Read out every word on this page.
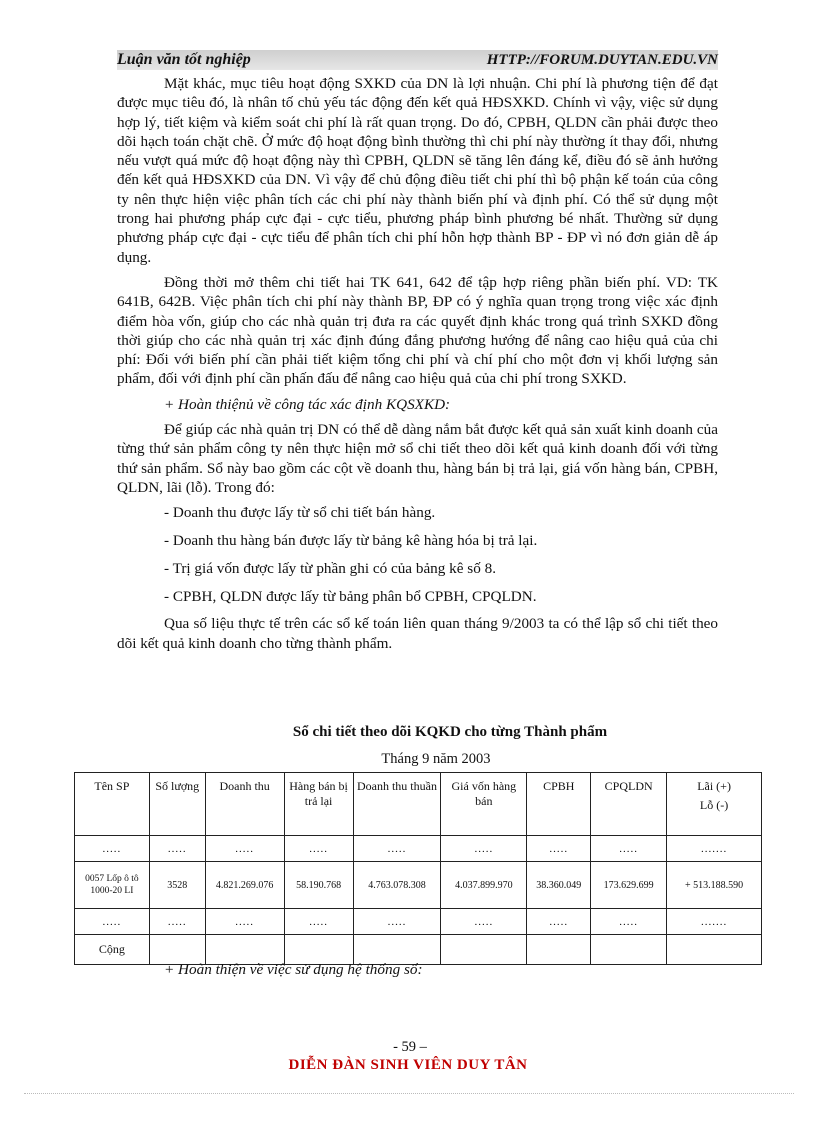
Luận văn tốt nghiệp	HTTP://FORUM.DUYTAN.EDU.VN

Mặt khác, mục tiêu hoạt động SXKD của DN là lợi nhuận. Chi phí là phương tiện để đạt được mục tiêu đó, là nhân tố chủ yếu tác động đến kết quả HĐSXKD. Chính vì vậy, việc sử dụng hợp lý, tiết kiệm và kiểm soát chi phí là rất quan trọng. Do đó, CPBH, QLDN cần phải được theo dõi hạch toán chặt chẽ. Ở mức độ hoạt động bình thường thì chi phí này thường ít thay đổi, nhưng nếu vượt quá mức độ hoạt động này thì CPBH, QLDN sẽ tăng lên đáng kể, điều đó sẽ ảnh hưởng đến kết quả HĐSXKD của DN. Vì vậy để chủ động điều tiết chi phí thì bộ phận kế toán của công ty nên thực hiện việc phân tích các chi phí này thành biến phí và định phí. Có thể sử dụng một trong hai phương pháp cực đại - cực tiểu, phương pháp bình phương bé nhất. Thường sử dụng phương pháp cực đại - cực tiểu để phân tích chi phí hỗn hợp thành BP - ĐP vì nó đơn giản dễ áp dụng.

Đồng thời mở thêm chi tiết hai TK 641, 642 để tập hợp riêng phần biến phí. VD: TK 641B, 642B. Việc phân tích chi phí này thành BP, ĐP có ý nghĩa quan trọng trong việc xác định điểm hòa vốn, giúp cho các nhà quản trị đưa ra các quyết định khác trong quá trình SXKD đồng thời giúp cho các nhà quản trị xác định đúng đắng phương hướng để nâng cao hiệu quả của chi phí: Đối với biến phí cần phải tiết kiệm tổng chi phí và chí phí cho một đơn vị khối lượng sản phẩm, đối với định phí cần phấn đấu để nâng cao hiệu quả của chi phí trong SXKD.

+ Hoàn thiệnủ về công tác xác định KQSXKD:

Để giúp các nhà quản trị DN có thể dễ dàng nắm bắt được kết quả sản xuất kinh doanh của từng thứ sản phẩm công ty nên thực hiện mở sổ chi tiết theo dõi kết quả kinh doanh đối với từng thứ sản phẩm. Sổ này bao gồm các cột về doanh thu, hàng bán bị trả lại, giá vốn hàng bán, CPBH, QLDN, lãi (lỗ). Trong đó:

- Doanh thu được lấy từ sổ chi tiết bán hàng.

- Doanh thu hàng bán được lấy từ bảng kê hàng hóa bị trả lại.

- Trị giá vốn được lấy từ phần ghi có của bảng kê số 8.

- CPBH, QLDN được lấy từ bảng phân bổ CPBH, CPQLDN.

Qua số liệu thực tế trên các sổ kế toán liên quan tháng 9/2003 ta có thể lập sổ chi tiết theo dõi kết quả kinh doanh cho từng thành phẩm.

Sổ chi tiết theo dõi KQKD cho từng Thành phẩm
Tháng 9 năm 2003
Tên SP	Số lượng	Doanh thu	Hàng bán bị trả lại	Doanh thu thuần	Giá vốn hàng bán	CPBH	CPQLDN	Lãi (+)
Lỗ (-)

.....	.....	.....	.....	.....	.....	.....	.....	.......
0057 Lốp ô tô 1000-20 LI	3528	4.821.269.076	58.190.768	4.763.078.308	4.037.899.970	38.360.049	173.629.699	+ 513.188.590
.....	.....	.....	.....	.....	.....	.....	.....	.......
Cộng								
+ Hoàn thiện về việc sử dụng hệ thống sổ:
- 59 –
DIỄN ĐÀN SINH VIÊN DUY TÂN
